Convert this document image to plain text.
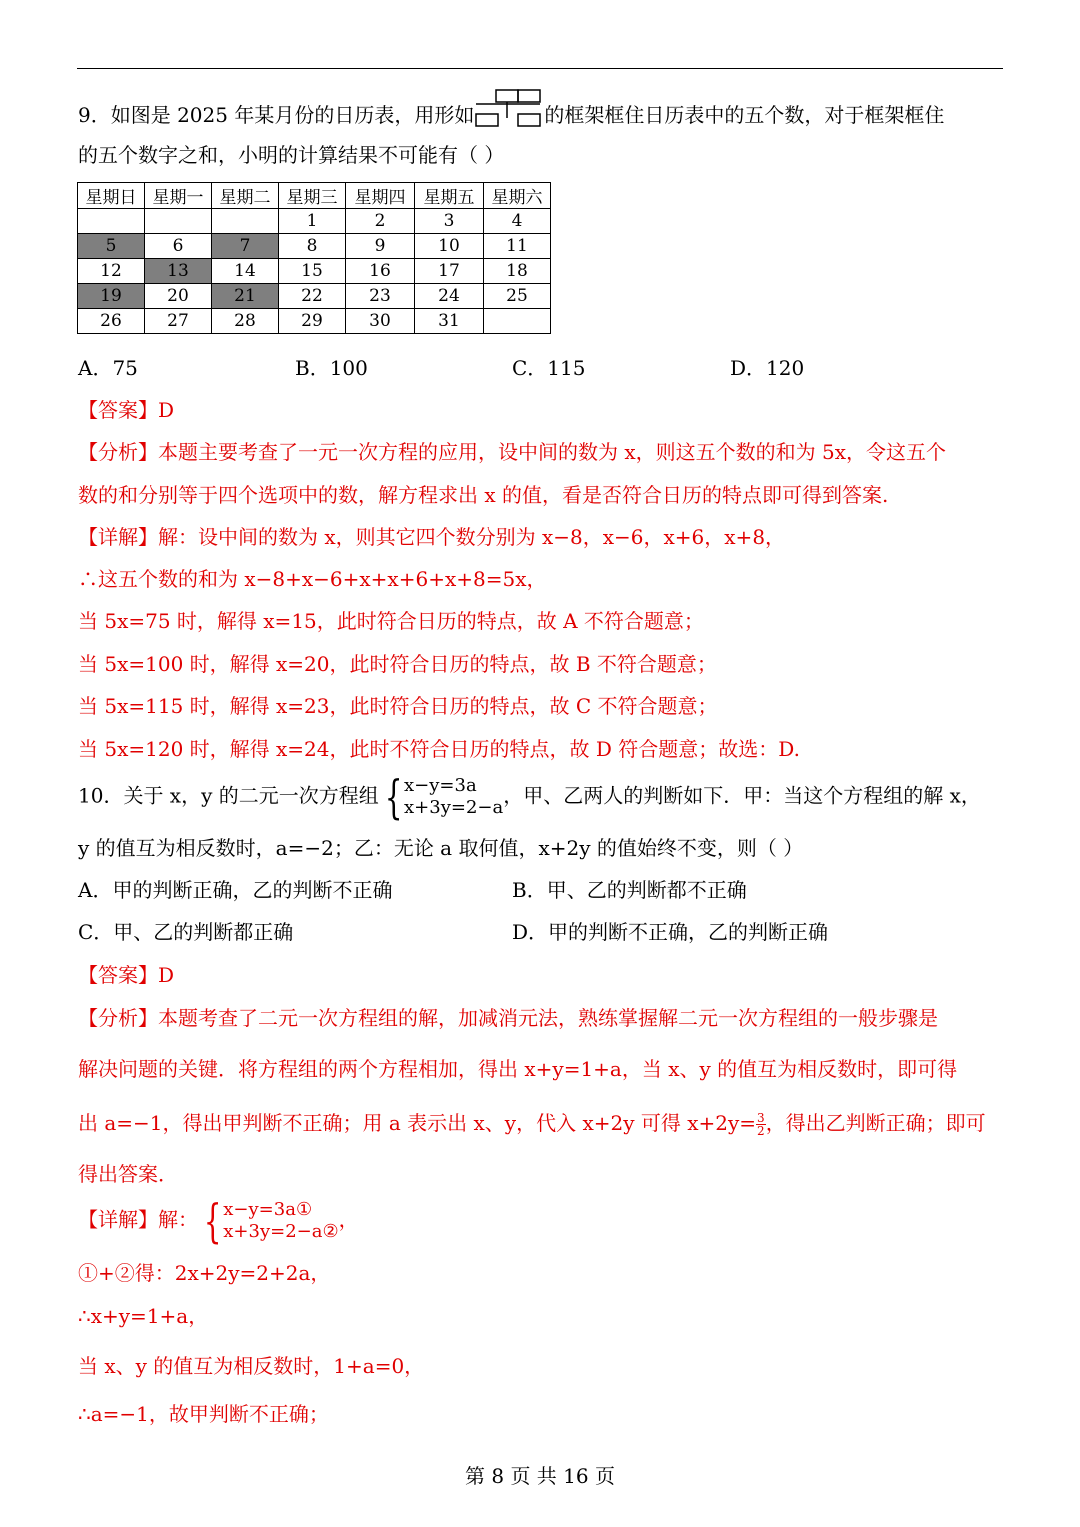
9．如图是 2025 年某月份的日历表，用形如	的框架框住日历表中的五个数，对于框架框住
的五个数字之和，小明的计算结果不可能有（ ）
星期日	星期一	星期二	星期三	星期四	星期五	星期六
			1	2	3	4
5	6	7	8	9	10	11
12	13	14	15	16	17	18
19	20	21	22	23	24	25
26	27	28	29	30	31	
A．75	B．100	C．115	D．120
【答案】D
【分析】本题主要考查了一元一次方程的应用，设中间的数为 x，则这五个数的和为 5x，令这五个
数的和分别等于四个选项中的数，解方程求出 x 的值，看是否符合日历的特点即可得到答案.
【详解】解：设中间的数为 x，则其它四个数分别为 x−8，x−6，x+6，x+8，
∴这五个数的和为 x−8+x−6+x+x+6+x+8=5x，
当 5x=75 时，解得 x=15，此时符合日历的特点，故 A 不符合题意；
当 5x=100 时，解得 x=20，此时符合日历的特点，故 B 不符合题意；
当 5x=115 时，解得 x=23，此时符合日历的特点，故 C 不符合题意；
当 5x=120 时，解得 x=24，此时不符合日历的特点，故 D 符合题意；故选：D.
10．关于 x，y 的二元一次方程组 { x−y=3a
x+3y=2−a ，甲、乙两人的判断如下．甲：当这个方程组的解 x，
y 的值互为相反数时，a=−2；乙：无论 a 取何值，x+2y 的值始终不变，则（ ）
A．甲的判断正确，乙的判断不正确	B．甲、乙的判断都不正确
C．甲、乙的判断都正确	D．甲的判断不正确，乙的判断正确
【答案】D
【分析】本题考查了二元一次方程组的解，加减消元法，熟练掌握解二元一次方程组的一般步骤是
解决问题的关键．将方程组的两个方程相加，得出 x+y=1+a，当 x、y 的值互为相反数时，即可得
出 a=−1，得出甲判断不正确；用 a 表示出 x、y，代入 x+2y 可得 $x+2y= \frac{3}{2}$ ，得出乙判断正确；即可
得出答案．
【详解】解： { x−y=3a①
x+3y=2−a② ，
①+②得：2x+2y=2+2a，
∴x+y=1+a，
当 x、y 的值互为相反数时，1+a=0，
∴a=−1，故甲判断不正确；
第 8 页 共 16 页
